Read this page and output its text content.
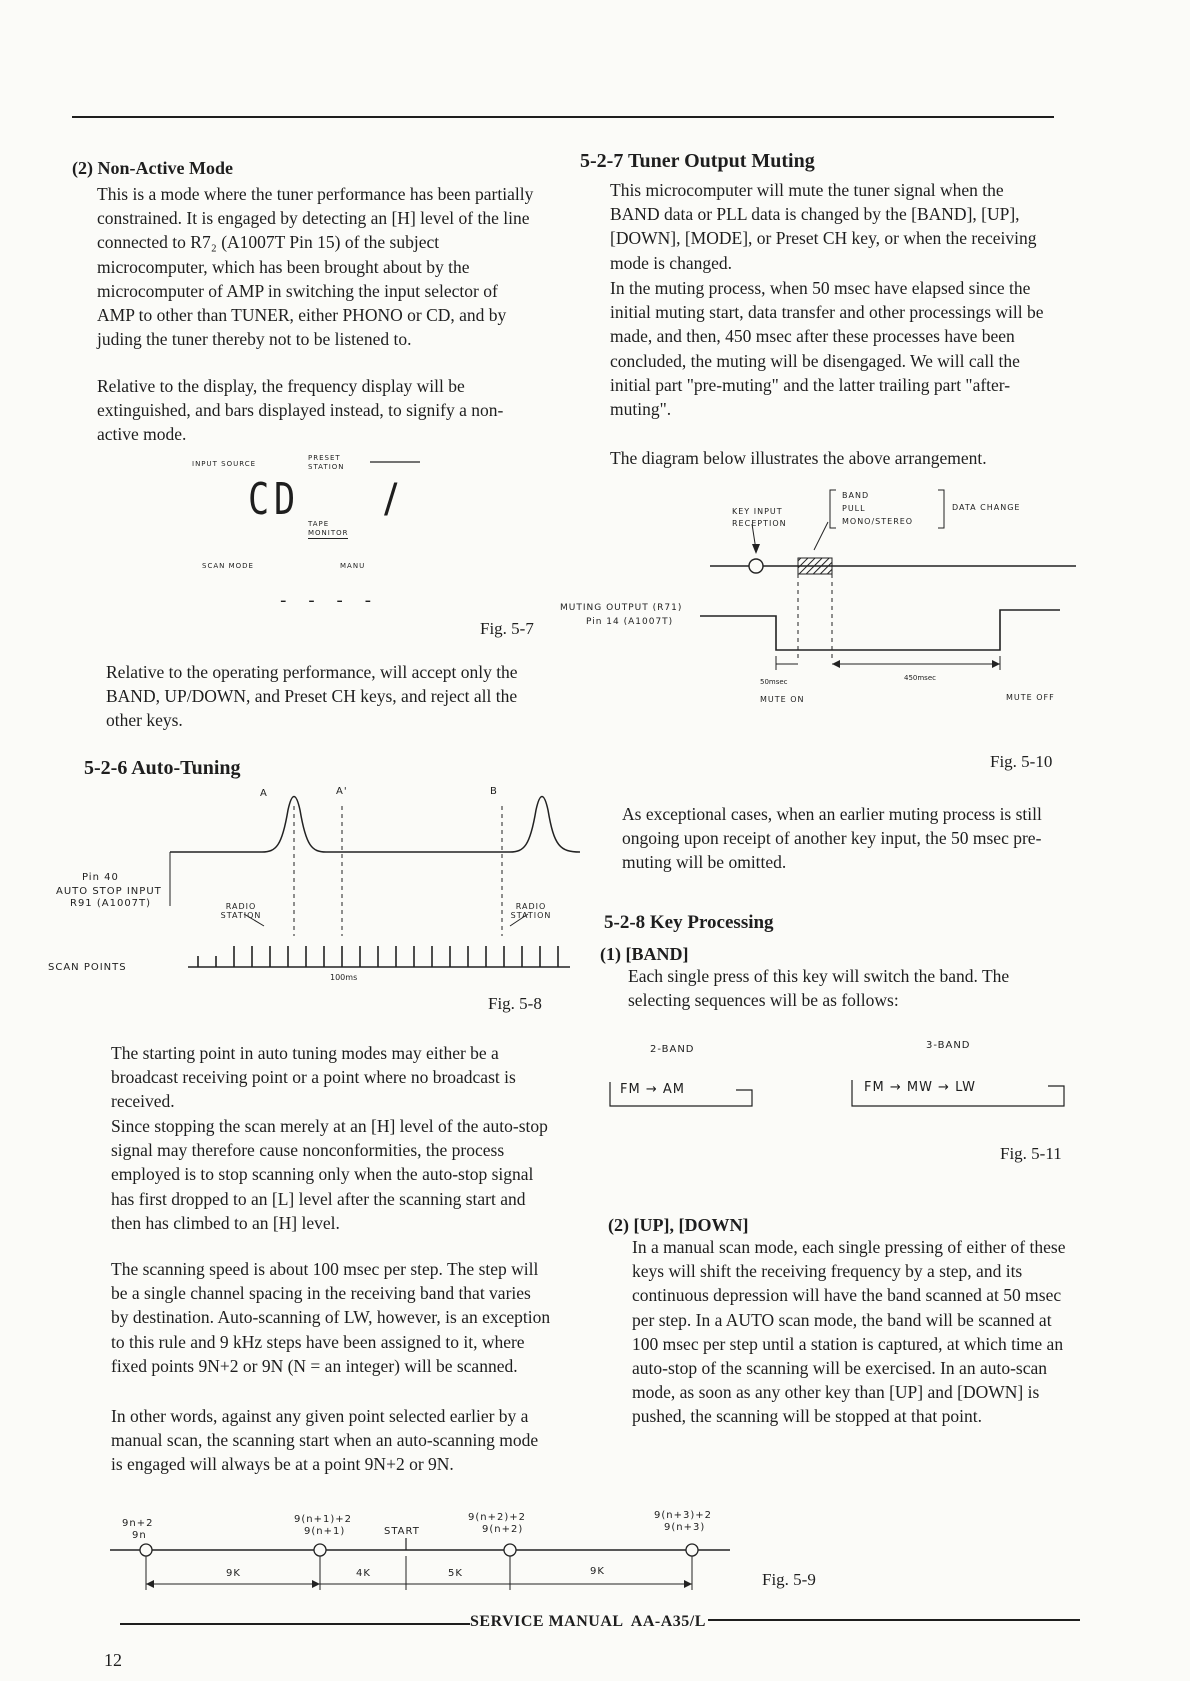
(2) Non-Active Mode

This is a mode where the tuner performance has been partially constrained. It is engaged by detecting an [H] level of the line connected to R7₂ (A1007T Pin 15) of the subject microcomputer, which has been brought about by the microcomputer of AMP in switching the input selector of AMP to other than TUNER, either PHONO or CD, and by juding the tuner thereby not to be listened to.

Relative to the display, the frequency display will be extinguished, and bars displayed instead, to signify a non-active mode.

INPUT SOURCE
PRESET STATION
CD /
TAPE MONITOR
SCAN MODE	MANU
- - - -
Fig. 5-7

Relative to the operating performance, will accept only the BAND, UP/DOWN, and Preset CH keys, and reject all the other keys.

5-2-6 Auto-Tuning
A	A'	B
Pin 40
AUTO STOP INPUT
R91 (A1007T)	RADIO STATION
RADIO STATION
SCAN POINTS
100ms
Fig. 5-8

The starting point in auto tuning modes may either be a broadcast receiving point or a point where no broadcast is received.

Since stopping the scan merely at an [H] level of the auto-stop signal may therefore cause nonconformities, the process employed is to stop scanning only when the auto-stop signal has first dropped to an [L] level after the scanning start and then has climbed to an [H] level.

The scanning speed is about 100 msec per step. The step will be a single channel spacing in the receiving band that varies by destination. Auto-scanning of LW, however, is an exception to this rule and 9 kHz steps have been assigned to it, where fixed points 9N+2 or 9N (N = an integer) will be scanned.

In other words, against any given point selected earlier by a manual scan, the scanning start when an auto-scanning mode is engaged will always be at a point 9N+2 or 9N.

5-2-7 Tuner Output Muting

This microcomputer will mute the tuner signal when the BAND data or PLL data is changed by the [BAND], [UP], [DOWN], [MODE], or Preset CH key, or when the receiving mode is changed.

In the muting process, when 50 msec have elapsed since the initial muting start, data transfer and other processings will be made, and then, 450 msec after these processes have been concluded, the muting will be disengaged. We will call the initial part "pre-muting" and the latter trailing part "after-muting".

The diagram below illustrates the above arrangement.

BAND
PULL
MONO/STEREO
DATA CHANGE
KEY INPUT
RECEPTION
MUTING OUTPUT (R71)
Pin 14 (A1007T)
50msec	450msec
MUTE ON	MUTE OFF
Fig. 5-10

As exceptional cases, when an earlier muting process is still ongoing upon receipt of another key input, the 50 msec pre-muting will be omitted.

5-2-8 Key Processing
(1) [BAND]

Each single press of this key will switch the band. The selecting sequences will be as follows:

2-BAND	3-BAND
FM → AM	FM → MW → LW
Fig. 5-11
(2) [UP], [DOWN]

In a manual scan mode, each single pressing of either of these keys will shift the receiving frequency by a step, and its continuous depression will have the band scanned at 50 msec per step. In a AUTO scan mode, the band will be scanned at 100 msec per step until a station is captured, at which time an auto-stop of the scanning will be exercised. In an auto-scan mode, as soon as any other key than [UP] and [DOWN] is pushed, the scanning will be stopped at that point.

9n+2
9n
9(n+1)+2
9(n+1)	START
9(n+2)+2
9(n+2)
9(n+3)+2
9(n+3)
9K	4K	5K	9K	Fig. 5-9
SERVICE MANUAL  AA-A35/L
12
